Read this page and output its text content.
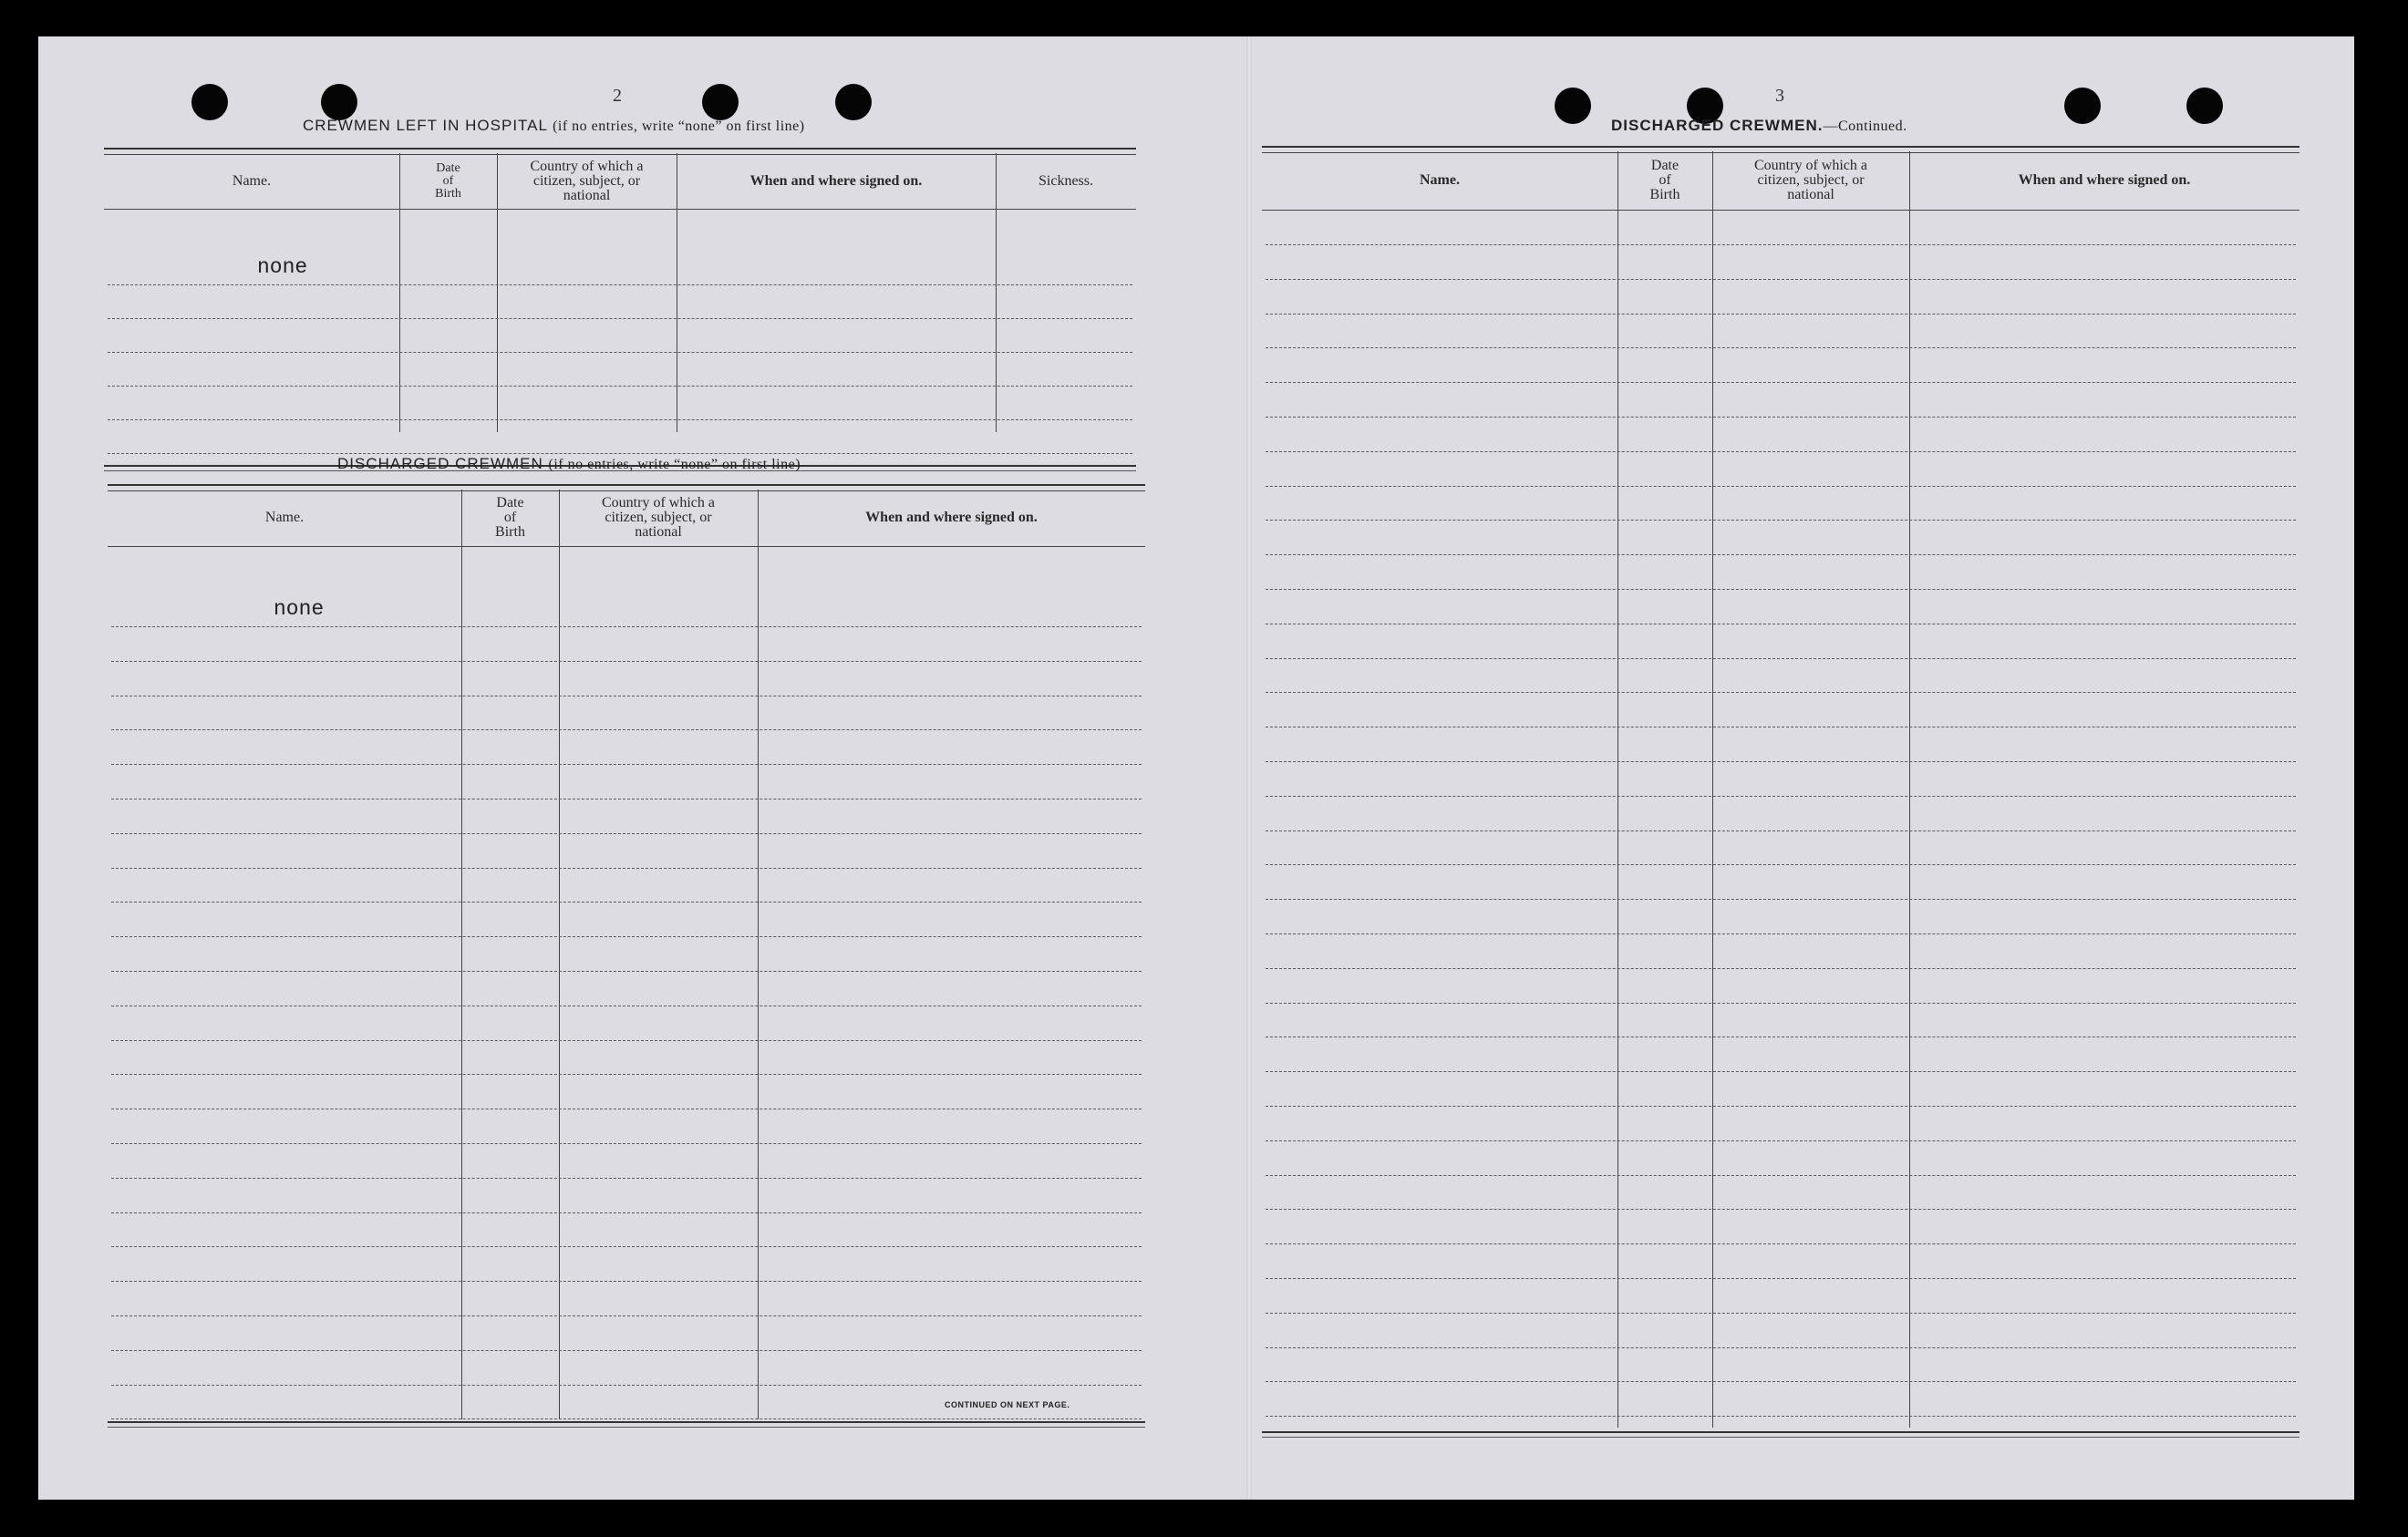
2
CREWMEN LEFT IN HOSPITAL (if no entries, write “none” on first line)
Name.
Date
of
Birth
Country of which a
citizen, subject, or
national
When and where signed on.	Sickness.
none
DISCHARGED CREWMEN (if no entries, write “none” on first line)
Name.
Date
of
Birth
Country of which a
citizen, subject, or
national
When and where signed on.
none
CONTINUED ON NEXT PAGE.
3
DISCHARGED CREWMEN.—Continued.
Name.
Date
of
Birth
Country of which a
citizen, subject, or
national
When and where signed on.
